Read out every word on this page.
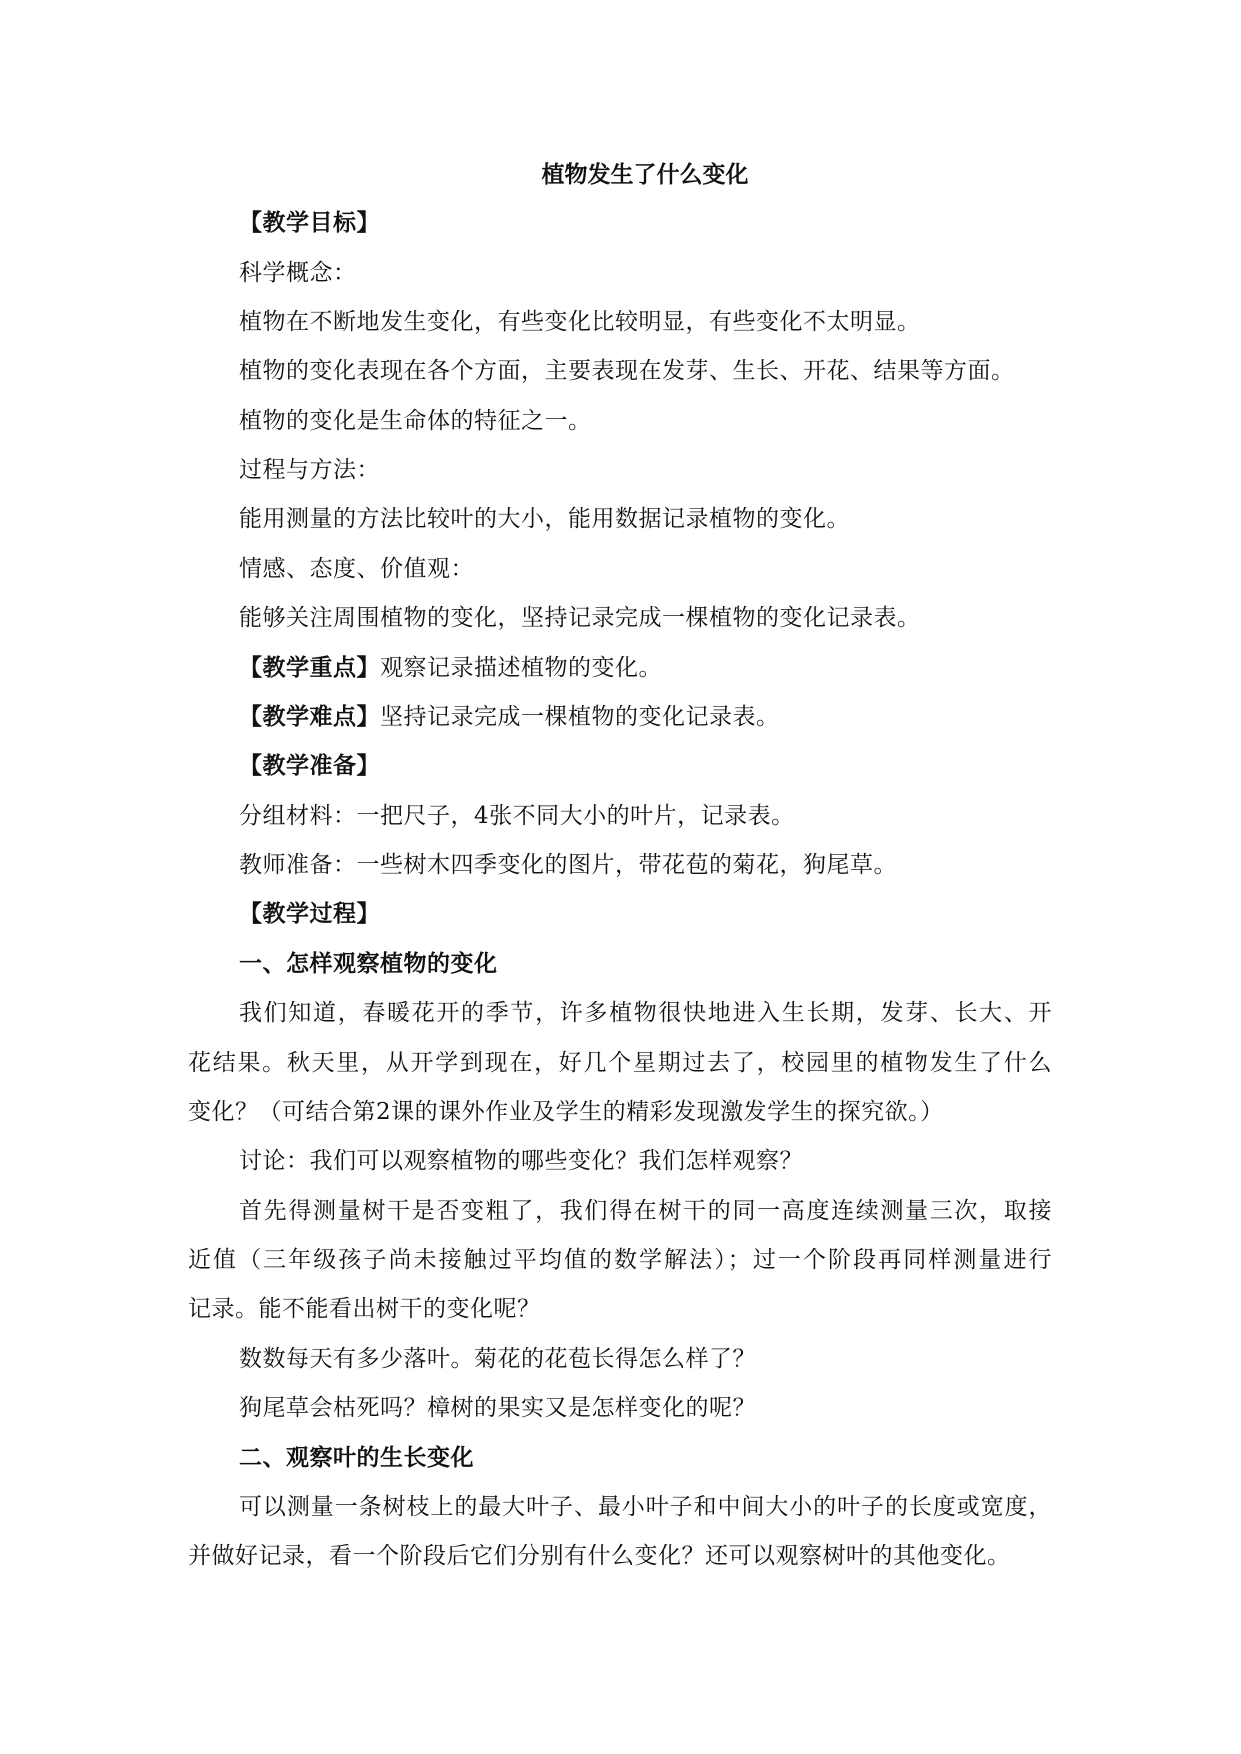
植物发生了什么变化
【教学目标】
科学概念：
植物在不断地发生变化，有些变化比较明显，有些变化不太明显。
植物的变化表现在各个方面，主要表现在发芽、生长、开花、结果等方面。
植物的变化是生命体的特征之一。
过程与方法：
能用测量的方法比较叶的大小，能用数据记录植物的变化。
情感、态度、价值观：
能够关注周围植物的变化，坚持记录完成一棵植物的变化记录表。
【教学重点】观察记录描述植物的变化。
【教学难点】坚持记录完成一棵植物的变化记录表。
【教学准备】
分组材料：一把尺子，4张不同大小的叶片，记录表。
教师准备：一些树木四季变化的图片，带花苞的菊花，狗尾草。
【教学过程】
一、怎样观察植物的变化
我们知道，春暖花开的季节，许多植物很快地进入生长期，发芽、长大、开
花结果。秋天里，从开学到现在，好几个星期过去了，校园里的植物发生了什么
变化？（可结合第2课的课外作业及学生的精彩发现激发学生的探究欲。）
讨论：我们可以观察植物的哪些变化？我们怎样观察？
首先得测量树干是否变粗了，我们得在树干的同一高度连续测量三次，取接
近值（三年级孩子尚未接触过平均值的数学解法）；过一个阶段再同样测量进行
记录。能不能看出树干的变化呢？
数数每天有多少落叶。菊花的花苞长得怎么样了？
狗尾草会枯死吗？樟树的果实又是怎样变化的呢？
二、观察叶的生长变化
可以测量一条树枝上的最大叶子、最小叶子和中间大小的叶子的长度或宽度，
并做好记录，看一个阶段后它们分别有什么变化？还可以观察树叶的其他变化。
